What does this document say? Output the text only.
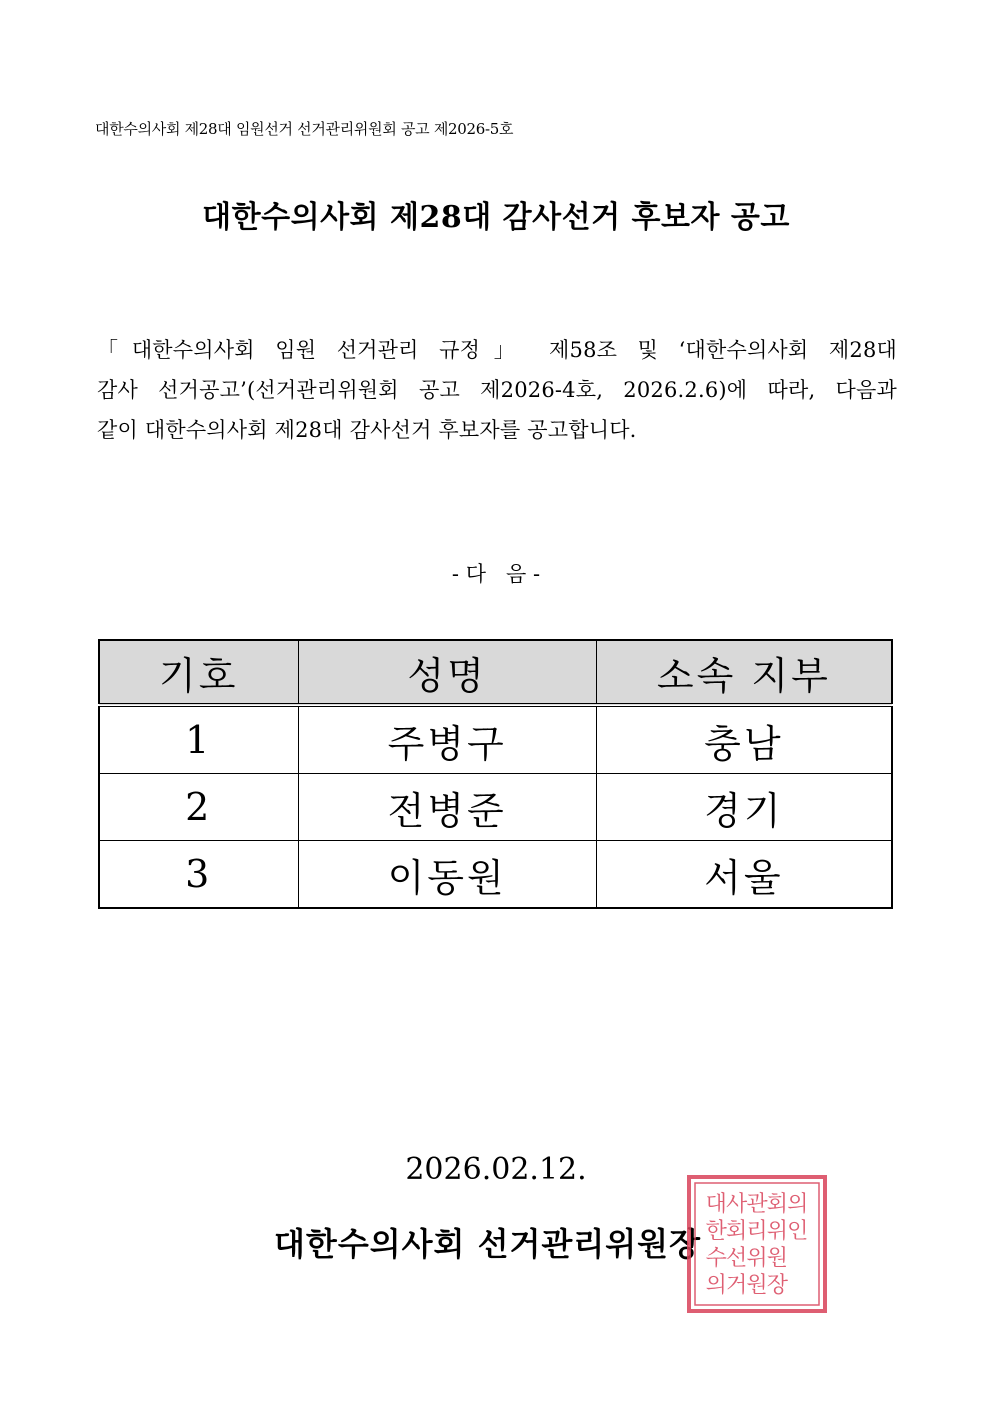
대한수의사회 제28대 임원선거 선거관리위원회 공고 제2026-5호
대한수의사회 제28대 감사선거 후보자 공고
「대한수의사회 임원 선거관리 규정」 제58조 및 ‘대한수의사회 제28대
감사 선거공고’(선거관리위원회 공고 제2026-4호, 2026.2.6)에 따라, 다음과
같이 대한수의사회 제28대 감사선거 후보자를 공고합니다.
- 다   음 -
기호	성명	소속 지부
1	주병구	충남
2	전병준	경기
3	이동원	서울
2026.02.12.
대한수의사회 선거관리위원장
대
한
수
의
사
회
선
거
관
리
위
원
회
위
원
장
의
인
